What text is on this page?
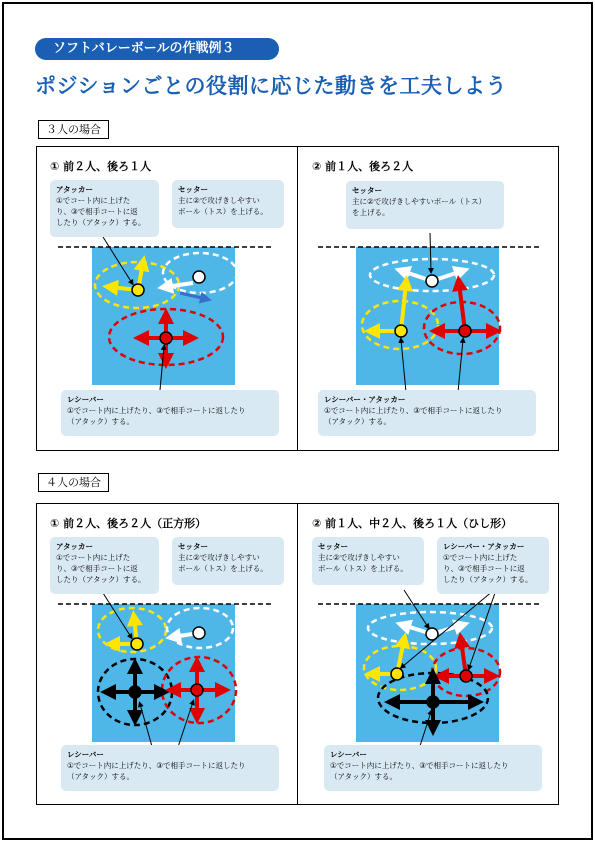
ソフトバレーボールの作戦例３
ポジションごとの役割に応じた動きを工夫しよう
３人の場合
４人の場合
① 前２人、後ろ１人	② 前１人、後ろ２人
① 前２人、後ろ２人（正方形）	② 前１人、中２人、後ろ１人（ひし形）
アタッカー
①でコート内に上げた
り、③で相手コートに返
したり（アタック）する。
セッター
主に②で攻げきしやすい
ボール（トス）を上げる。
レシーバー
①でコート内に上げたり、③で相手コートに返したり
（アタック）する。
セッター
主に②で攻げきしやすいボール（トス）
を上げる。
レシーバー・アタッカー
①でコート内に上げたり、③で相手コートに返したり
（アタック）する。
アタッカー
①でコート内に上げた
り、③で相手コートに返
したり（アタック）する。
セッター
主に②で攻げきしやすい
ボール（トス）を上げる。
レシーバー
①でコート内に上げたり、③で相手コートに返したり
（アタック）する。
セッター
主に②で攻げきしやすい
ボール（トス）を上げる。
レシーバー・アタッカー
①でコート内に上げた
り、③で相手コートに返
したり（アタック）する。
レシーバー
①でコート内に上げたり、③で相手コートに返したり
（アタック）する。
